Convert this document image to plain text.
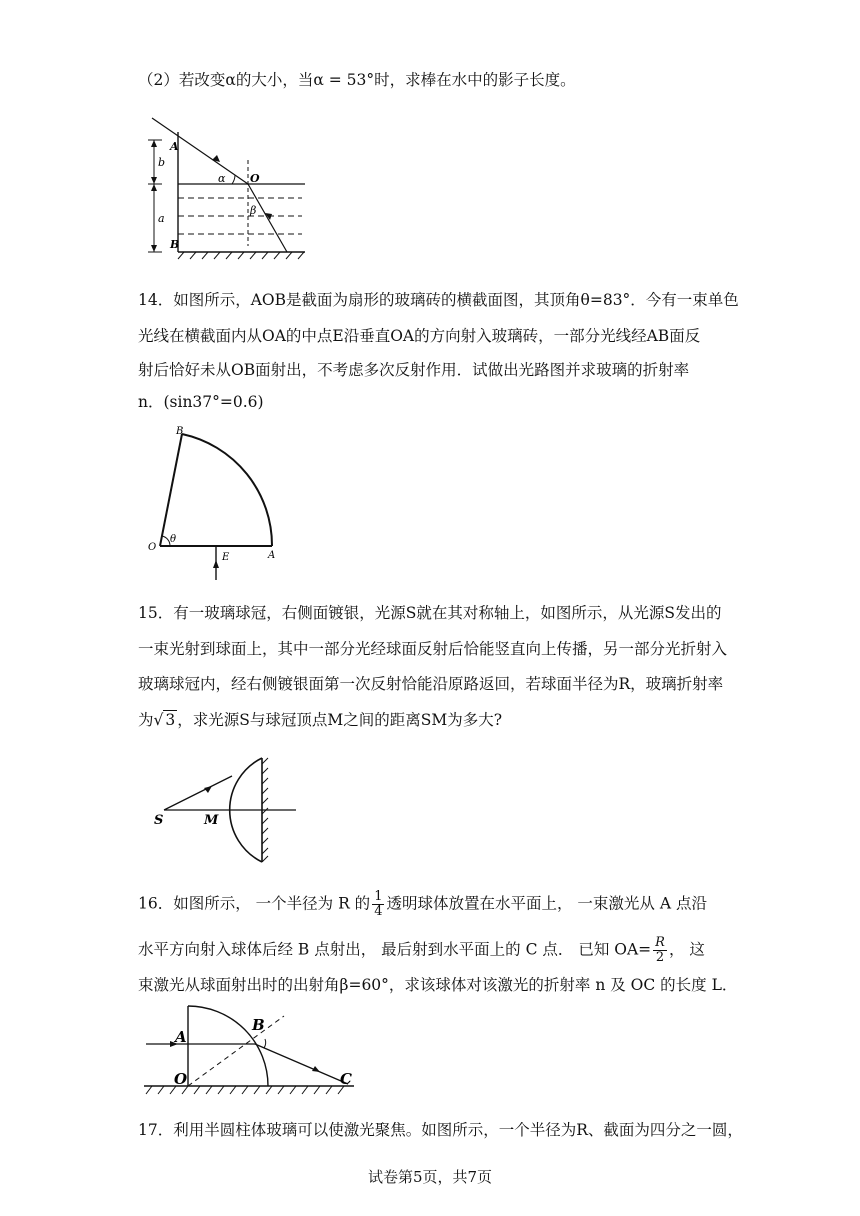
（2）若改变α的大小，当α = 53°时，求棒在水中的影子长度。
b
a
A
B
O
α
β
14．如图所示，AOB是截面为扇形的玻璃砖的横截面图，其顶角θ=83°．今有一束单色
光线在横截面内从OA的中点E沿垂直OA的方向射入玻璃砖，一部分光线经AB面反
射后恰好未从OB面射出，不考虑多次反射作用．试做出光路图并求玻璃的折射率
n．(sin37°=0.6)
B
O
θ
E	A
15．有一玻璃球冠，右侧面镀银，光源S就在其对称轴上，如图所示，从光源S发出的
一束光射到球面上，其中一部分光经球面反射后恰能竖直向上传播，另一部分光折射入
玻璃球冠内，经右侧镀银面第一次反射恰能沿原路返回，若球面半径为R，玻璃折射率
为√ 3 ，求光源S与球冠顶点M之间的距离SM为多大?
S	M
16．如图所示， 一个半径为 R 的 $\frac{1}{4}$ 透明球体放置在水平面上， 一束激光从 A 点沿
水平方向射入球体后经 B 点射出， 最后射到水平面上的 C 点． 已知 $OA= \frac{R}{2}$ ， 这
束激光从球面射出时的出射角β=60°，求该球体对该激光的折射率 n 及 OC 的长度 L．
A
B
O	C
17．利用半圆柱体玻璃可以使激光聚焦。如图所示，一个半径为R、截面为四分之一圆，
试卷第5页，共7页
